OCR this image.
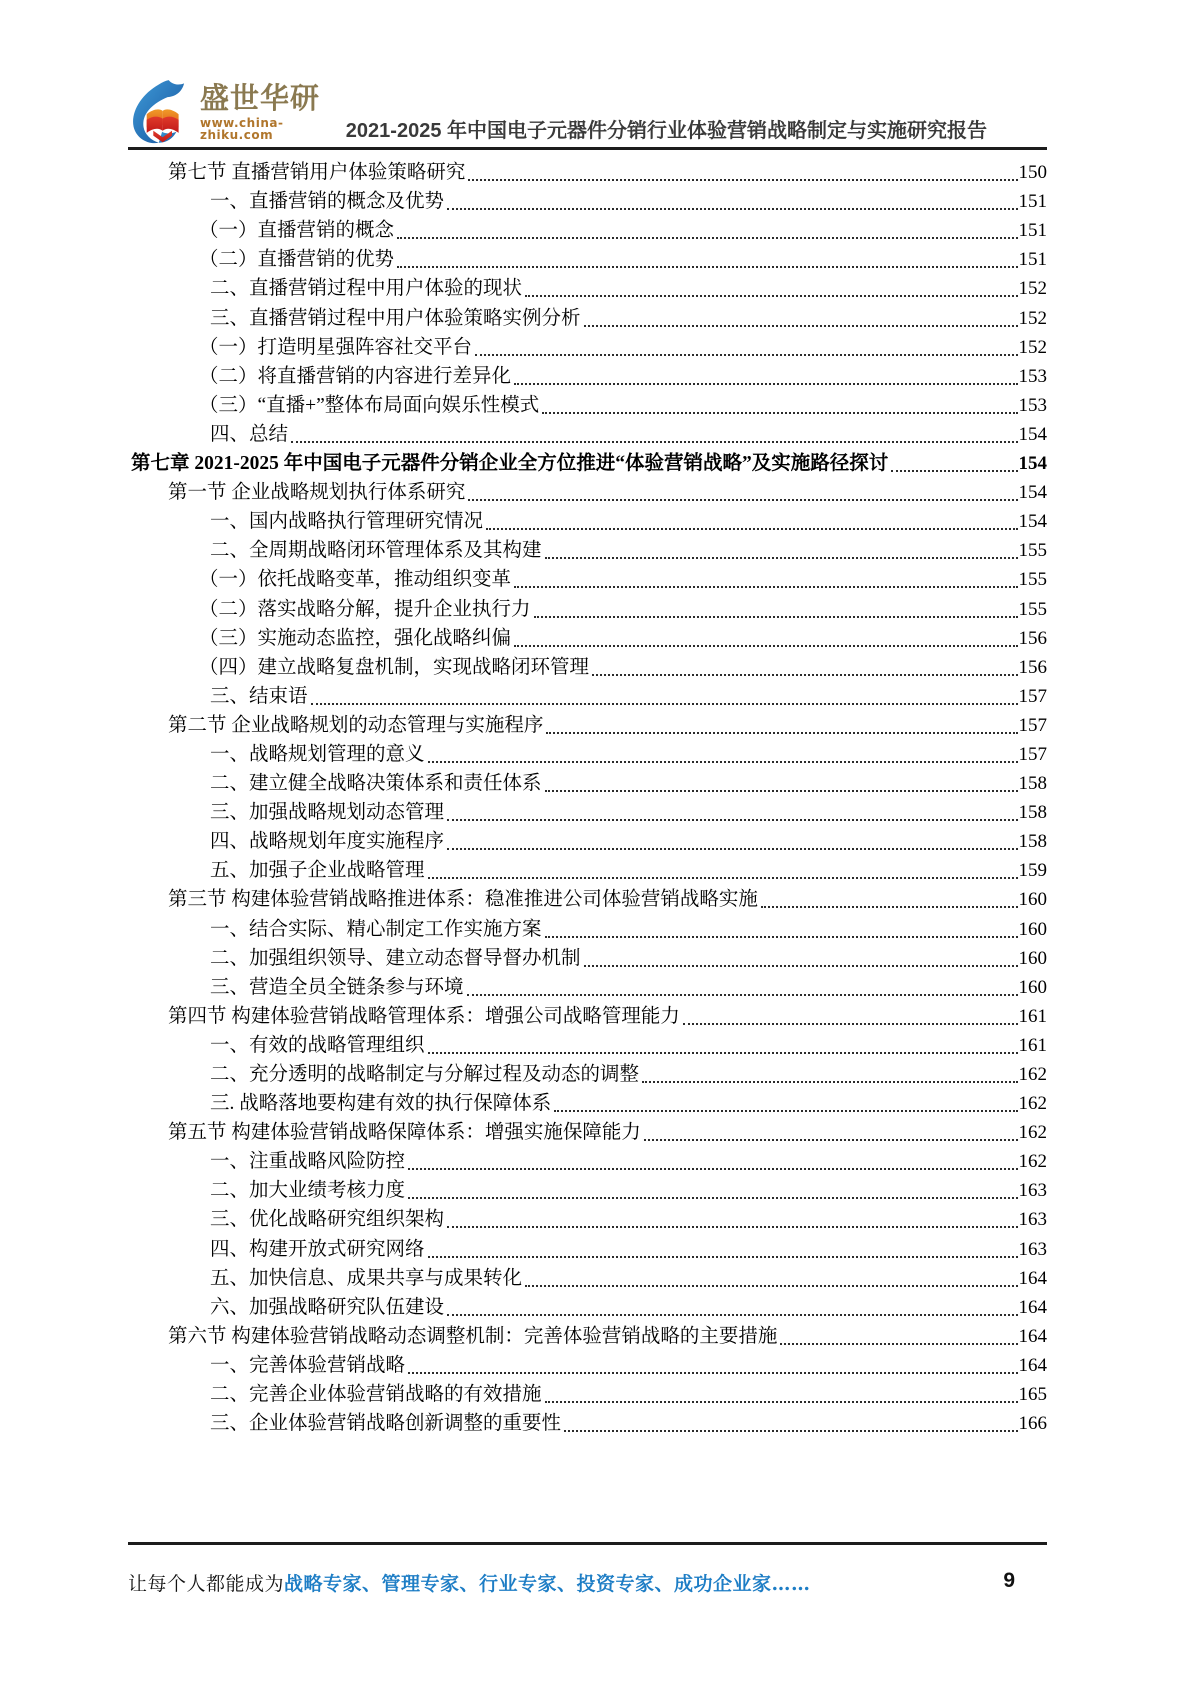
盛世华研
www.china-zhiku.com	2021-2025 年中国电子元器件分销行业体验营销战略制定与实施研究报告
第七节 直播营销用户体验策略研究	150
一、直播营销的概念及优势	151
（一）直播营销的概念	151
（二）直播营销的优势	151
二、直播营销过程中用户体验的现状	152
三、直播营销过程中用户体验策略实例分析	152
（一）打造明星强阵容社交平台	152
（二）将直播营销的内容进行差异化	153
（三）“直播+”整体布局面向娱乐性模式	153
四、总结	154
第七章 2021-2025 年中国电子元器件分销企业全方位推进“体验营销战略”及实施路径探讨	154
第一节 企业战略规划执行体系研究	154
一、国内战略执行管理研究情况	154
二、全周期战略闭环管理体系及其构建	155
（一）依托战略变革，推动组织变革	155
（二）落实战略分解，提升企业执行力	155
（三）实施动态监控，强化战略纠偏	156
（四）建立战略复盘机制，实现战略闭环管理	156
三、结束语	157
第二节 企业战略规划的动态管理与实施程序	157
一、战略规划管理的意义	157
二、建立健全战略决策体系和责任体系	158
三、加强战略规划动态管理	158
四、战略规划年度实施程序	158
五、加强子企业战略管理	159
第三节 构建体验营销战略推进体系：稳准推进公司体验营销战略实施	160
一、结合实际、精心制定工作实施方案	160
二、加强组织领导、建立动态督导督办机制	160
三、营造全员全链条参与环境	160
第四节 构建体验营销战略管理体系：增强公司战略管理能力	161
一、有效的战略管理组织	161
二、充分透明的战略制定与分解过程及动态的调整	162
三. 战略落地要构建有效的执行保障体系	162
第五节 构建体验营销战略保障体系：增强实施保障能力	162
一、注重战略风险防控	162
二、加大业绩考核力度	163
三、优化战略研究组织架构	163
四、构建开放式研究网络	163
五、加快信息、成果共享与成果转化	164
六、加强战略研究队伍建设	164
第六节 构建体验营销战略动态调整机制：完善体验营销战略的主要措施	164
一、完善体验营销战略	164
二、完善企业体验营销战略的有效措施	165
三、企业体验营销战略创新调整的重要性	166
让每个人都能成为战略专家、管理专家、行业专家、投资专家、成功企业家……	9
